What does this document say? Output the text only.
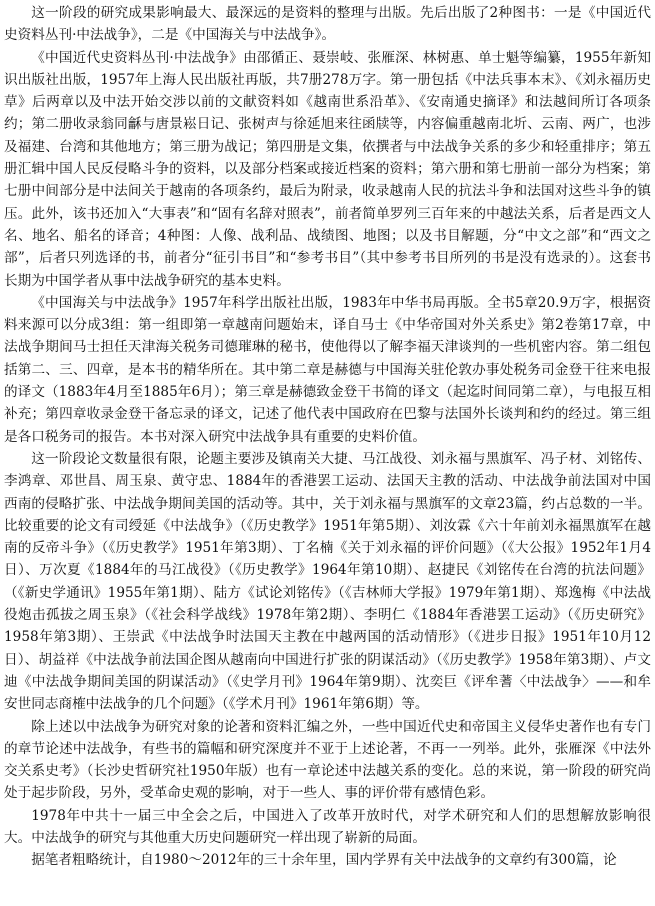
这一阶段的研究成果影响最大、最深远的是资料的整理与出版。先后出版了2种图书：一是《中国近代史资料丛刊·中法战争》，二是《中国海关与中法战争》。

《中国近代史资料丛刊·中法战争》由邵循正、聂崇岐、张雁深、林树惠、单士魁等编纂，1955年新知识出版社出版，1957年上海人民出版社再版，共7册278万字。第一册包括《中法兵事本末》、《刘永福历史草》后两章以及中法开始交涉以前的文献资料如《越南世系沿革》、《安南通史摘译》和法越间所订各项条约；第二册收录翁同龢与唐景崧日记、张树声与徐延旭来往函牍等，内容偏重越南北圻、云南、两广，也涉及福建、台湾和其他地方；第三册为战记；第四册是文集，依撰者与中法战争关系的多少和轻重排序；第五册汇辑中国人民反侵略斗争的资料，以及部分档案或接近档案的资料；第六册和第七册前一部分为档案；第七册中间部分是中法间关于越南的各项条约，最后为附录，收录越南人民的抗法斗争和法国对这些斗争的镇压。此外，该书还加入“大事表”和“固有名辞对照表”，前者简单罗列三百年来的中越法关系，后者是西文人名、地名、船名的译音；4种图：人像、战利品、战绩图、地图；以及书目解题，分“中文之部”和“西文之部”，后者只列选译的书，前者分“征引书目”和“参考书目”（其中参考书目所列的书是没有选录的）。这套书长期为中国学者从事中法战争研究的基本史料。

《中国海关与中法战争》1957年科学出版社出版，1983年中华书局再版。全书5章20.9万字，根据资料来源可以分成3组：第一组即第一章越南问题始末，译自马士《中华帝国对外关系史》第2卷第17章，中法战争期间马士担任天津海关税务司德璀琳的秘书，使他得以了解李福天津谈判的一些机密内容。第二组包括第二、三、四章，是本书的精华所在。其中第二章是赫德与中国海关驻伦敦办事处税务司金登干往来电报的译文（1883年4月至1885年6月）；第三章是赫德致金登干书简的译文（起迄时间同第二章），与电报互相补充；第四章收录金登干备忘录的译文，记述了他代表中国政府在巴黎与法国外长谈判和约的经过。第三组是各口税务司的报告。本书对深入研究中法战争具有重要的史料价值。

这一阶段论文数量很有限，论题主要涉及镇南关大捷、马江战役、刘永福与黑旗军、冯子材、刘铭传、李鸿章、邓世昌、周玉泉、黄守忠、1884年的香港罢工运动、法国天主教的活动、中法战争前法国对中国西南的侵略扩张、中法战争期间美国的活动等。其中，关于刘永福与黑旗军的文章23篇，约占总数的一半。比较重要的论文有司绶延《中法战争》（《历史教学》1951年第5期）、刘汝霖《六十年前刘永福黑旗军在越南的反帝斗争》（《历史教学》1951年第3期）、丁名楠《关于刘永福的评价问题》（《大公报》1952年1月4日）、万次夏《1884年的马江战役》（《历史教学》1964年第10期）、赵捷民《刘铭传在台湾的抗法问题》（《新史学通讯》1955年第1期）、陆方《试论刘铭传》（《吉林师大学报》1979年第1期）、郑逸梅《中法战役炮击孤拔之周玉泉》（《社会科学战线》1978年第2期）、李明仁《1884年香港罢工运动》（《历史研究》1958年第3期）、王崇武《中法战争时法国天主教在中越两国的活动情形》（《进步日报》1951年10月12日）、胡益祥《中法战争前法国企图从越南向中国进行扩张的阴谋活动》（《历史教学》1958年第3期）、卢文迪《中法战争期间美国的阴谋活动》（《史学月刊》1964年第9期）、沈奕巨《评牟蓍〈中法战争〉——和牟安世同志商榷中法战争的几个问题》（《学术月刊》1961年第6期）等。

除上述以中法战争为研究对象的论著和资料汇编之外，一些中国近代史和帝国主义侵华史著作也有专门的章节论述中法战争，有些书的篇幅和研究深度并不亚于上述论著，不再一一列举。此外，张雁深《中法外交关系史考》（长沙史哲研究社1950年版）也有一章论述中法越关系的变化。总的来说，第一阶段的研究尚处于起步阶段，另外，受革命史观的影响，对于一些人、事的评价带有感情色彩。

1978年中共十一届三中全会之后，中国进入了改革开放时代，对学术研究和人们的思想解放影响很大。中法战争的研究与其他重大历史问题研究一样出现了崭新的局面。

据笔者粗略统计，自1980～2012年的三十余年里，国内学界有关中法战争的文章约有300篇，论
